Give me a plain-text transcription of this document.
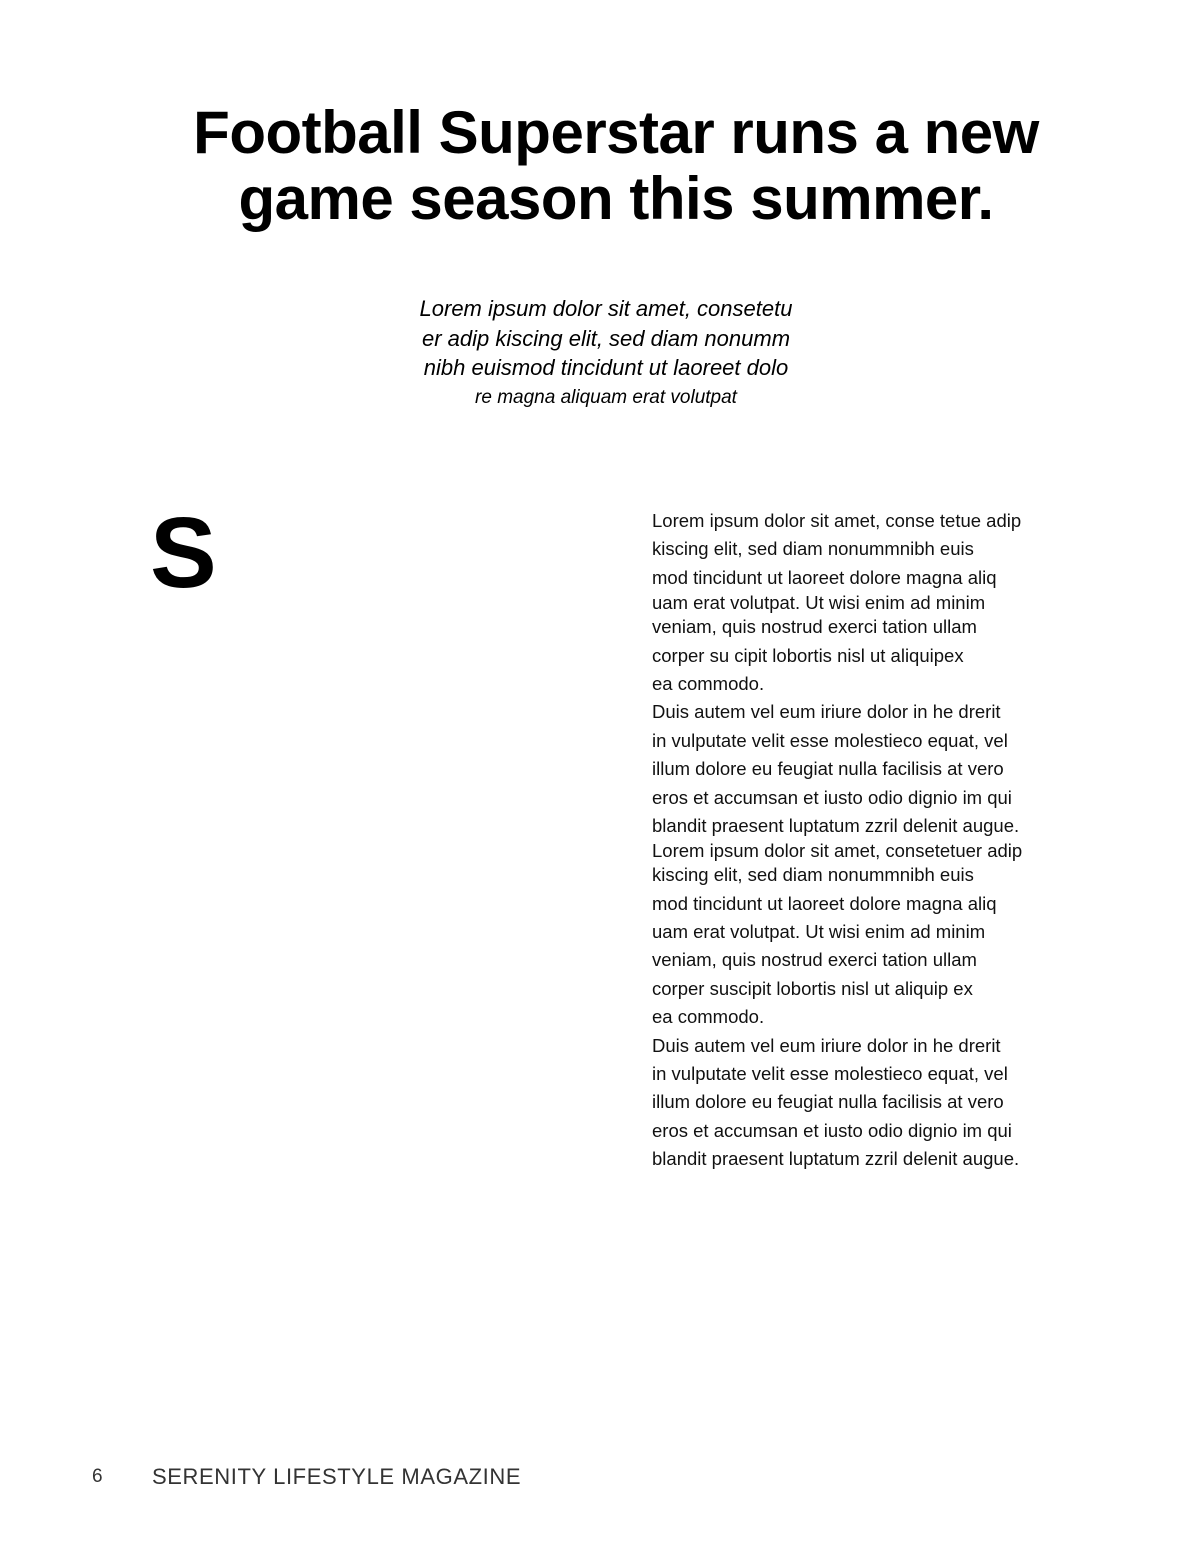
Football Superstar runs a new
game season this summer.
Lorem ipsum dolor sit amet, consetetu
er adip kiscing elit, sed diam nonumm
nibh euismod tincidunt ut laoreet dolo
re magna aliquam erat volutpat
S	Lorem ipsum dolor sit amet, conse tetue adip
kiscing elit, sed diam nonummnibh euis
mod tincidunt ut laoreet dolore magna aliq
uam erat volutpat. Ut wisi enim ad minim
veniam, quis nostrud exerci tation ullam
corper su cipit lobortis nisl ut aliquipex
ea commodo.
Duis autem vel eum iriure dolor in he drerit
in vulputate velit esse molestieco equat, vel
illum dolore eu feugiat nulla facilisis at vero
eros et accumsan et iusto odio dignio im qui
blandit praesent luptatum zzril delenit augue.
Lorem ipsum dolor sit amet, consetetuer adip
kiscing elit, sed diam nonummnibh euis
mod tincidunt ut laoreet dolore magna aliq
uam erat volutpat. Ut wisi enim ad minim
veniam, quis nostrud exerci tation ullam
corper suscipit lobortis nisl ut aliquip ex
ea commodo.
Duis autem vel eum iriure dolor in he drerit
in vulputate velit esse molestieco equat, vel
illum dolore eu feugiat nulla facilisis at vero
eros et accumsan et iusto odio dignio im qui
blandit praesent luptatum zzril delenit augue.
6 SERENITY LIFESTYLE MAGAZINE
